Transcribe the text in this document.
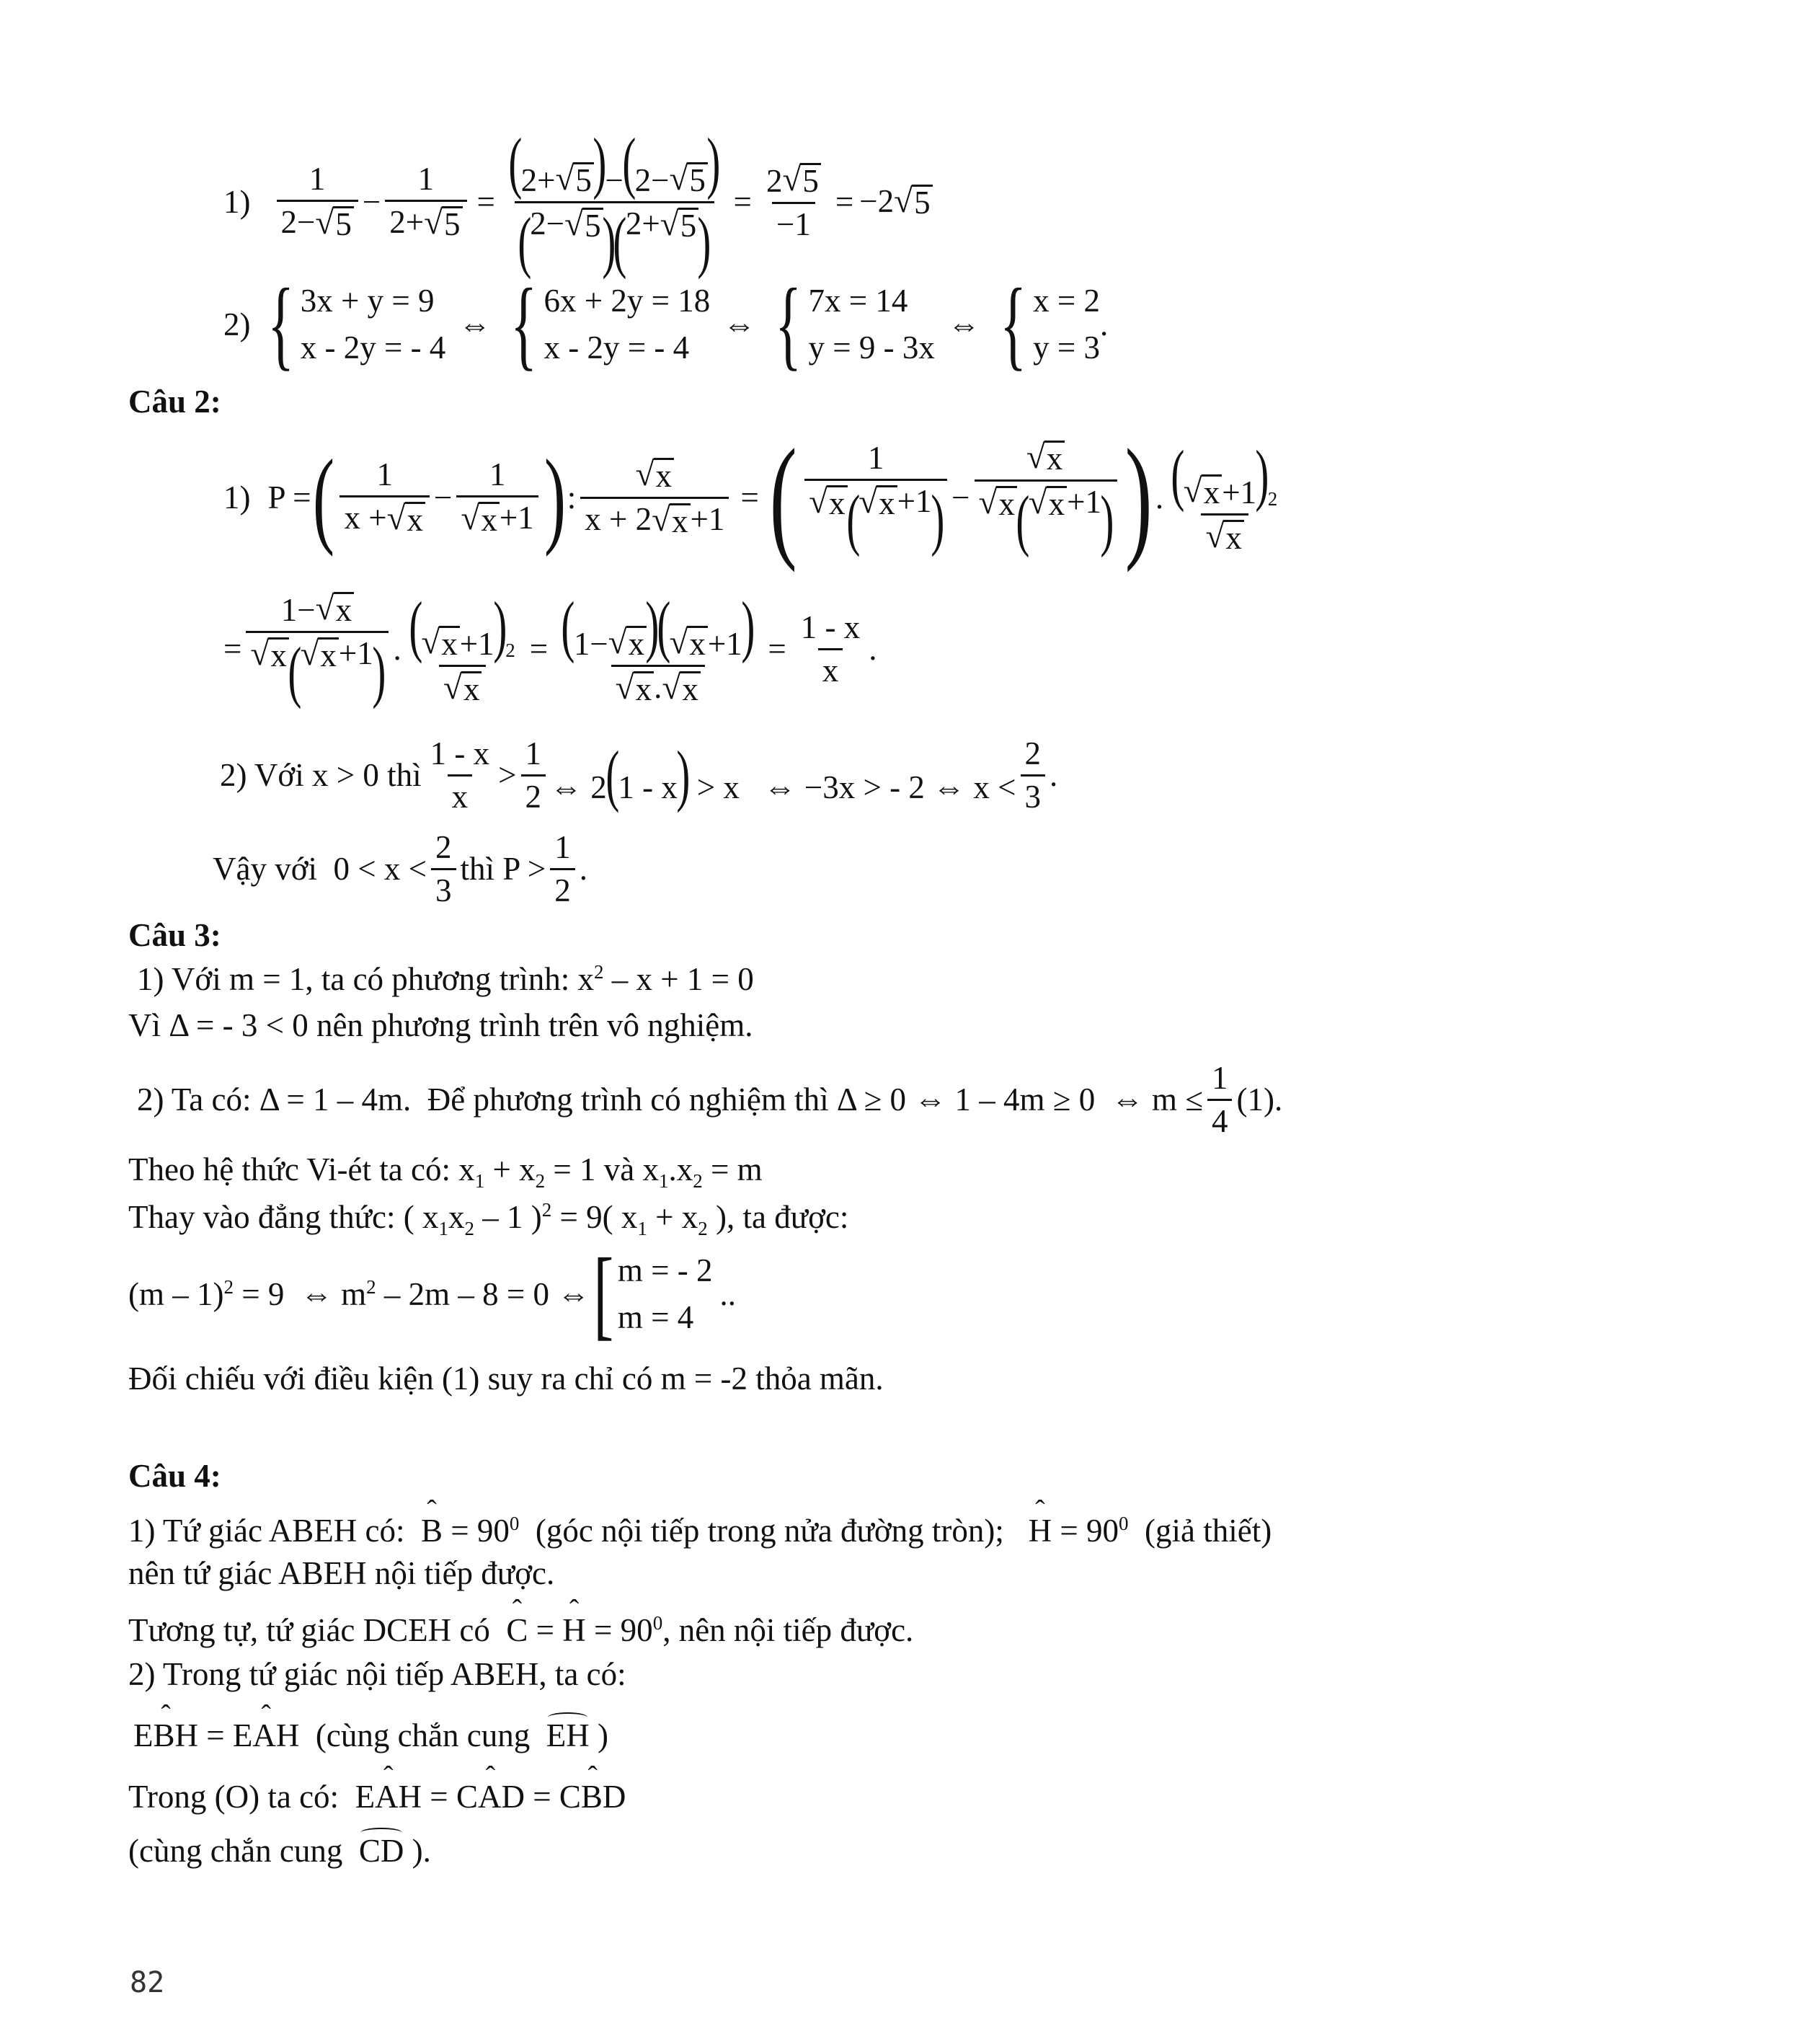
$1) \frac{1}{2- √ 5} - \frac{1}{2+ √ 5}$ = (
2+ √ 5 )
−
(
2− √ 5 )
(
2− √ 5 )
(
2+ √ 5 ) = $\frac{2 √ 5}{-1} = -2$ √ 5
2) { 3x + y = 9
x - 2y = - 4
⇔ { 6x + 2y = 18
x - 2y = - 4
⇔ { 7x = 14
y = 9 - 3x
⇔ { x = 2
y = 3
.
Câu 2:
1) P = ( $\frac{1}{x + √ x} - \frac{1}{√ x +1}$ ) : $\frac{√ x}{x + 2 √ x +1}$ = ( 1
√ x (
√ x +1
) − √ x
√ x (
√ x +1
) ) . (
√ x +1
)
2
√ x
= 1− √ x
√ x (
√ x +1
) . (
√ x +1
)
2
√ x = (
1− √ x )
(
√ x +1
)
√ x . √ $x = \frac{1 - x}{x}$ .
2) Với x > 0 thì $\frac{1 - x}{x} > \frac{1}{2}$ ⇔ 2(1 - x) > x   ⇔ −3x > - 2 ⇔ $x < \frac{2}{3}$ .
Vậy với  $0 < x < \frac{2}{3}$ thì $P > \frac{1}{2}$ .
Câu 3:
1) Với m = 1, ta có phương trình: $x^2 - x + 1 = 0$
Vì Δ = - 3 < 0 nên phương trình trên vô nghiệm.
2) Ta có: Δ = 1 – 4m.  Để phương trình có nghiệm thì Δ ≥ 0 ⇔ 1 – 4m ≥ 0  ⇔ $m \le \frac{1}{4} (1)$.
Theo hệ thức Vi-ét ta có: $x_1 + x_2 = 1$ và $x_1.x_2 = m$
Thay vào đẳng thức: ( $x_1x_2 - 1$ )$^2$ = 9( $x_1 + x_2$ ), ta được:
(m – 1)$^2$ = 9  ⇔ $m^2 - 2m - 8 = 0$ ⇔ [ m = - 2
m = 4
..
Đối chiếu với điều kiện (1) suy ra chỉ có m = -2 thỏa mãn.
Câu 4:
1) Tứ giác ABEH có:  ˆ $B = 90^0$  (góc nội tiếp trong nửa đường tròn);   ˆ $H = 90^0$  (giả thiết)
nên tứ giác ABEH nội tiếp được.
Tương tự, tứ giác DCEH có  ˆ C = ˆ $H = 90^0$, nên nội tiếp được.
2) Trong tứ giác nội tiếp ABEH, ta có:
ˆ EBH = ˆ EAH  (cùng chắn cung  EH )
Trong (O) ta có:  ˆ EAH = ˆ CAD = ˆ CBD
(cùng chắn cung  CD ).
82
